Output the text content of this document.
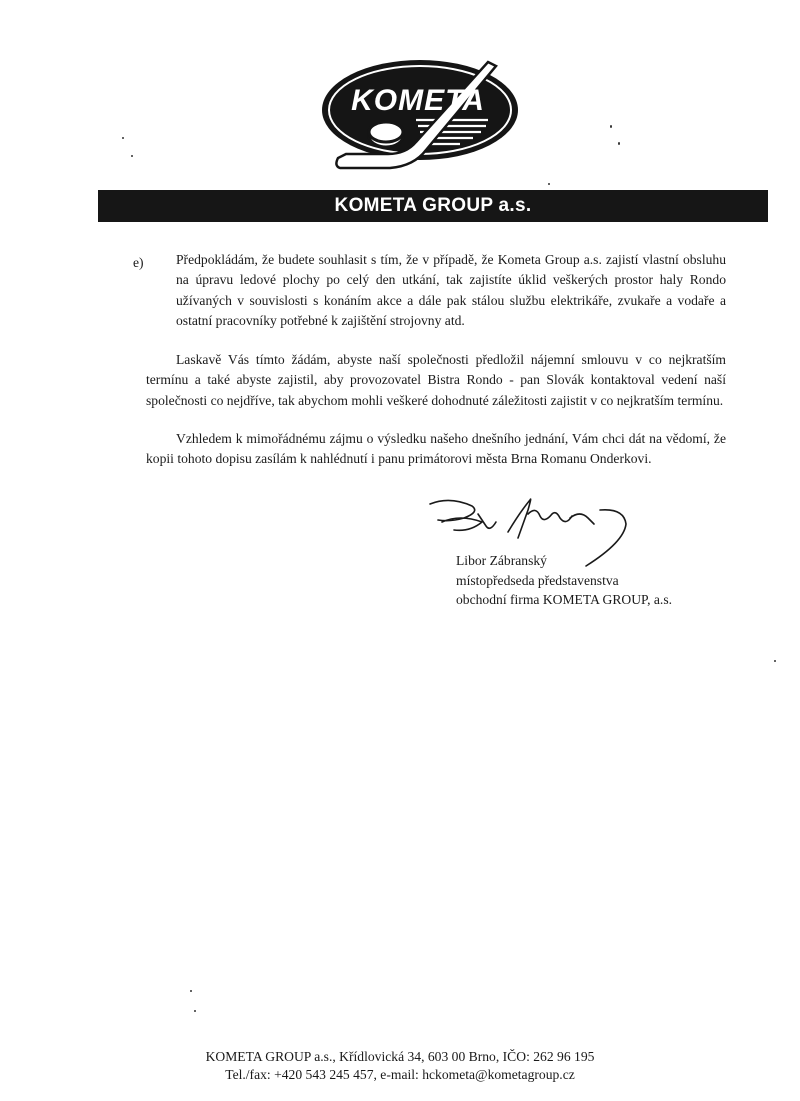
KOMETA
KOMETA GROUP a.s.
e) Předpokládám, že budete souhlasit s tím, že v případě, že Kometa Group a.s. zajistí vlastní obsluhu na úpravu ledové plochy po celý den utkání, tak zajistíte úklid veškerých prostor haly Rondo užívaných v souvislosti s konáním akce a dále pak stálou službu elektrikáře, zvukaře a vodaře a ostatní pracovníky potřebné k zajištění strojovny atd.
Laskavě Vás tímto žádám, abyste naší společnosti předložil nájemní smlouvu v co nejkratším termínu a také abyste zajistil, aby provozovatel Bistra Rondo - pan Slovák kontaktoval vedení naší společnosti co nejdříve, tak abychom mohli veškeré dohodnuté záležitosti zajistit v co nejkratším termínu.
Vzhledem k mimořádnému zájmu o výsledku našeho dnešního jednání, Vám chci dát na vědomí, že kopii tohoto dopisu zasílám k nahlédnutí i panu primátorovi města Brna Romanu Onderkovi.
Libor Zábranský
místopředseda představenstva
obchodní firma KOMETA GROUP, a.s.
KOMETA GROUP a.s., Křídlovická 34, 603 00 Brno, IČO: 262 96 195
Tel./fax: +420 543 245 457, e-mail: hckometa@kometagroup.cz
